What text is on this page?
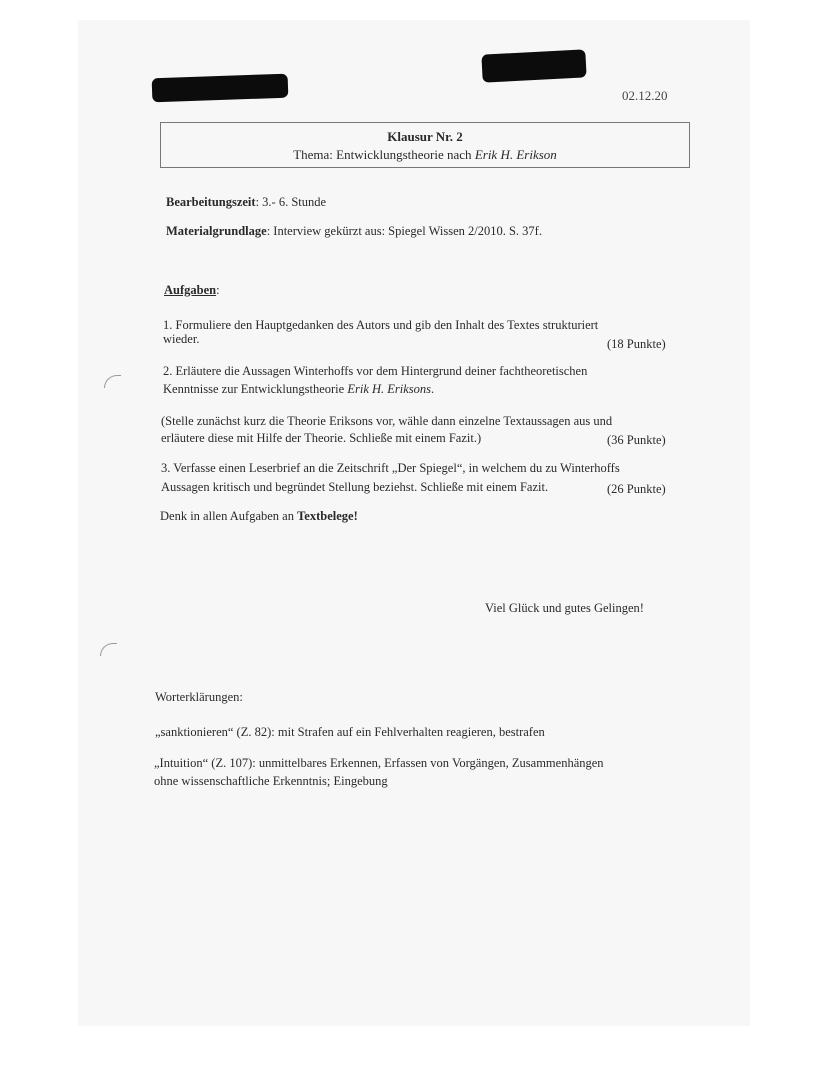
02.12.20
Klausur Nr. 2
Thema: Entwicklungstheorie nach Erik H. Erikson
Bearbeitungszeit: 3.- 6. Stunde
Materialgrundlage: Interview gekürzt aus: Spiegel Wissen 2/2010. S. 37f.
Aufgaben:
1. Formuliere den Hauptgedanken des Autors und gib den Inhalt des Textes strukturiert
wieder.	(18 Punkte)
2. Erläutere die Aussagen Winterhoffs vor dem Hintergrund deiner fachtheoretischen
Kenntnisse zur Entwicklungstheorie Erik H. Eriksons.
(Stelle zunächst kurz die Theorie Eriksons vor, wähle dann einzelne Textaussagen aus und
erläutere diese mit Hilfe der Theorie. Schließe mit einem Fazit.)	(36 Punkte)
3. Verfasse einen Leserbrief an die Zeitschrift „Der Spiegel“, in welchem du zu Winterhoffs
Aussagen kritisch und begründet Stellung beziehst. Schließe mit einem Fazit.	(26 Punkte)
Denk in allen Aufgaben an Textbelege!
Viel Glück und gutes Gelingen!
Worterklärungen:
„sanktionieren“ (Z. 82): mit Strafen auf ein Fehlverhalten reagieren, bestrafen
„Intuition“ (Z. 107): unmittelbares Erkennen, Erfassen von Vorgängen, Zusammenhängen
ohne wissenschaftliche Erkenntnis; Eingebung
